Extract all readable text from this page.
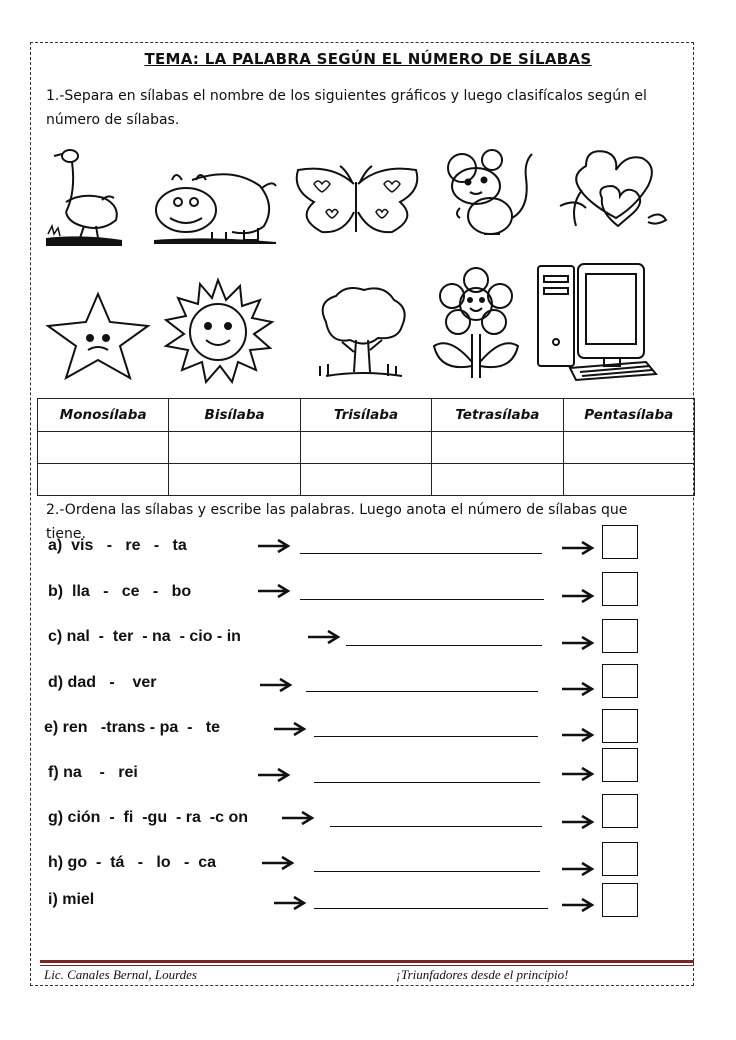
TEMA: LA PALABRA SEGÚN EL NÚMERO DE SÍLABAS
1.-Separa en sílabas el nombre de los siguientes gráficos y luego clasifícalos según el número de sílabas.
Monosílaba	Bisílaba	Trisílaba	Tetrasílaba	Pentasílaba

2.-Ordena las sílabas y escribe las palabras. Luego anota el número de sílabas que tiene.
a)  vis   -   re   -   ta
b)  lla   -   ce   -   bo
c) nal  -  ter  - na  - cio - in
d) dad   -    ver
e) ren   -trans - pa  -   te
f) na    -   rei
g) ción  -  fi  -gu  - ra  -c on
h) go  -  tá   -   lo   -  ca
i) miel
Lic. Canales Bernal, Lourdes	¡Triunfadores desde el principio!
